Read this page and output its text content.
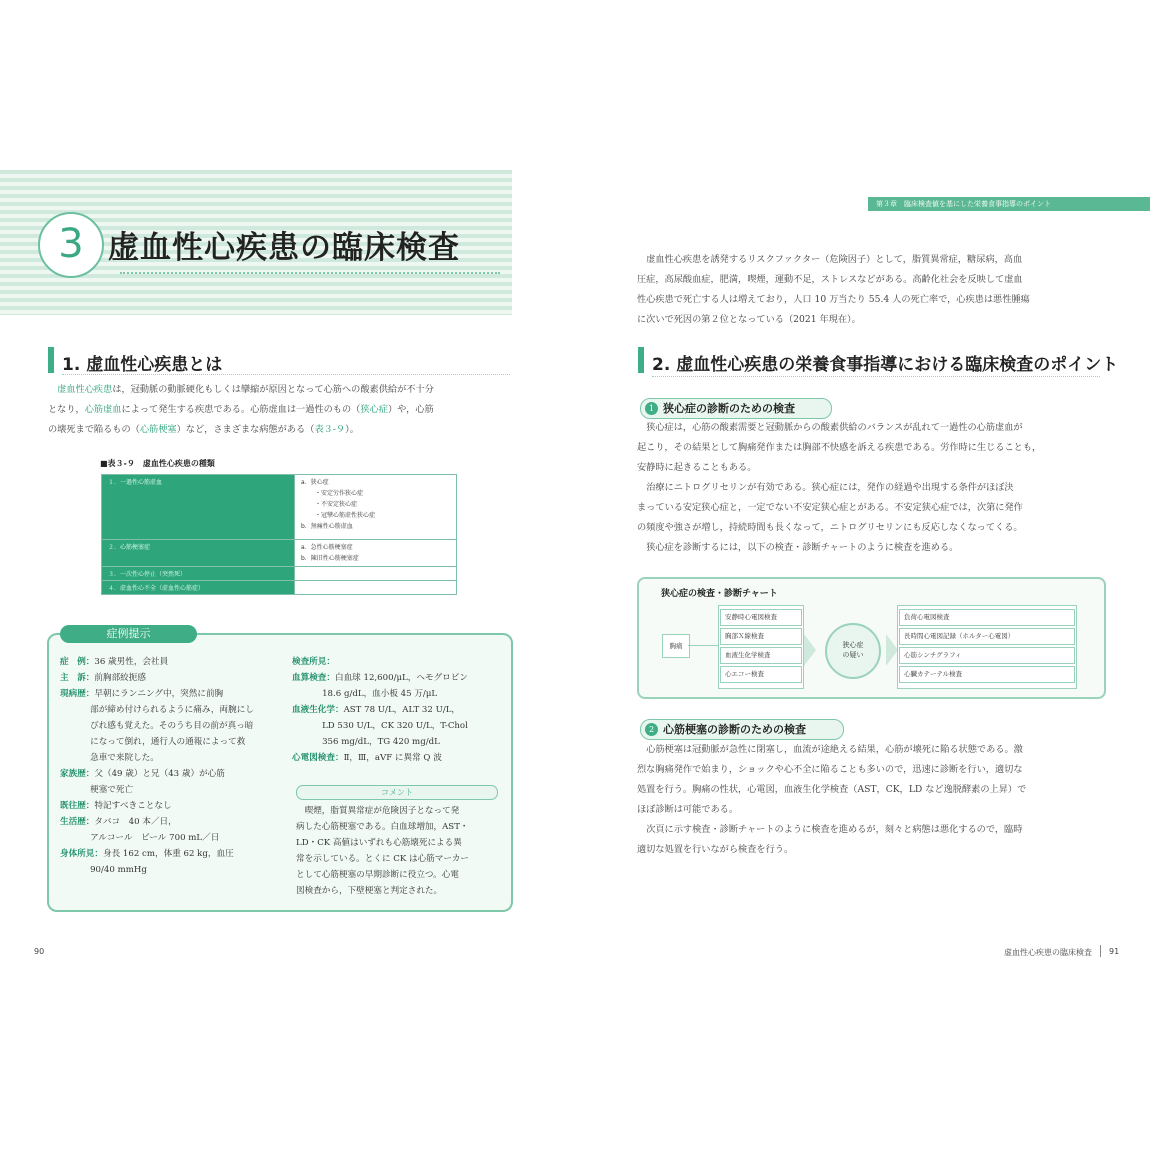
3 虚血性心疾患の臨床検査
第３章　臨床検査値を基にした栄養食事指導のポイント
1. 虚血性心疾患とは
虚血性心疾患は，冠動脈の動脈硬化もしくは攣縮が原因となって心筋への酸素供給が不十分
となり，心筋虚血によって発生する疾患である。心筋虚血は一過性のもの（狭心症）や，心筋
の壊死まで陥るもの（心筋梗塞）など，さまざまな病態がある（表３-９）。
■表３-９　虚血性心疾患の種類
１．一過性心筋虚血	a．狭心症
　・安定労作狭心症
　・不安定狭心症
　・冠攣心筋虚性狭心症
b．無痛性心筋虚血

２．心筋梗塞症	a．急性心筋梗塞症
b．陳旧性心筋梗塞症

３．一次性心停止（突然死）	
４．虚血性心不全（虚血性心筋症）	
症例提示
症　例：36 歳男性，会社員
主　訴：前胸部絞扼感
現病歴：早朝にランニング中，突然に前胸
部が締め付けられるように痛み，両腕にし
びれ感も覚えた。そのうち目の前が真っ暗
になって倒れ，通行人の通報によって救
急車で来院した。
家族歴：父（49 歳）と兄（43 歳）が心筋
梗塞で死亡
既往歴：特記すべきことなし
生活歴：タバコ　40 本／日，
アルコール　ビール 700 mL／日
身体所見：身長 162 cm，体重 62 kg，血圧
90/40 mmHg
検査所見：
血算検査：白血球 12,600/μL，ヘモグロビン
18.6 g/dL，血小板 45 万/μL
血液生化学：AST 78 U/L，ALT 32 U/L，
LD 530 U/L，CK 320 U/L，T-Chol
356 mg/dL，TG 420 mg/dL
心電図検査：Ⅱ，Ⅲ，aVF に異常 Q 波
コメント
喫煙，脂質異常症が危険因子となって発
病した心筋梗塞である。白血球増加，AST・
LD・CK 高値はいずれも心筋壊死による異
常を示している。とくに CK は心筋マーカー
として心筋梗塞の早期診断に役立つ。心電
図検査から，下壁梗塞と判定された。
90
虚血性心疾患を誘発するリスクファクター（危険因子）として，脂質異常症，糖尿病，高血
圧症，高尿酸血症，肥満，喫煙，運動不足，ストレスなどがある。高齢化社会を反映して虚血
性心疾患で死亡する人は増えており，人口 10 万当たり 55.4 人の死亡率で，心疾患は悪性腫瘍
に次いで死因の第２位となっている（2021 年現在）。
2. 虚血性心疾患の栄養食事指導における臨床検査のポイント
狭心症の診断のための検査
1
狭心症は，心筋の酸素需要と冠動脈からの酸素供給のバランスが乱れて一過性の心筋虚血が
起こり，その結果として胸痛発作または胸部不快感を訴える疾患である。労作時に生じることも，
安静時に起きることもある。
治療にニトログリセリンが有効である。狭心症には，発作の経過や出現する条件がほぼ決
まっている安定狭心症と，一定でない不安定狭心症とがある。不安定狭心症では，次第に発作
の頻度や強さが増し，持続時間も長くなって，ニトログリセリンにも反応しなくなってくる。
狭心症を診断するには，以下の検査・診断チャートのように検査を進める。
狭心症の検査・診断チャート
胸痛
安静時心電図検査
胸部Ｘ線検査
血液生化学検査
心エコー検査
狭心症
の疑い
負荷心電図検査
長時間心電図記録（ホルター心電図）
心筋シンチグラフィ
心臓カテーテル検査
心筋梗塞の診断のための検査
2
心筋梗塞は冠動脈が急性に閉塞し，血流が途絶える結果，心筋が壊死に陥る状態である。激
烈な胸痛発作で始まり，ショックや心不全に陥ることも多いので，迅速に診断を行い，適切な
処置を行う。胸痛の性状，心電図，血液生化学検査（AST，CK，LD など逸脱酵素の上昇）で
ほぼ診断は可能である。
次頁に示す検査・診断チャートのように検査を進めるが，刻々と病態は悪化するので，臨時
適切な処置を行いながら検査を行う。
虚血性心疾患の臨床検査 91
